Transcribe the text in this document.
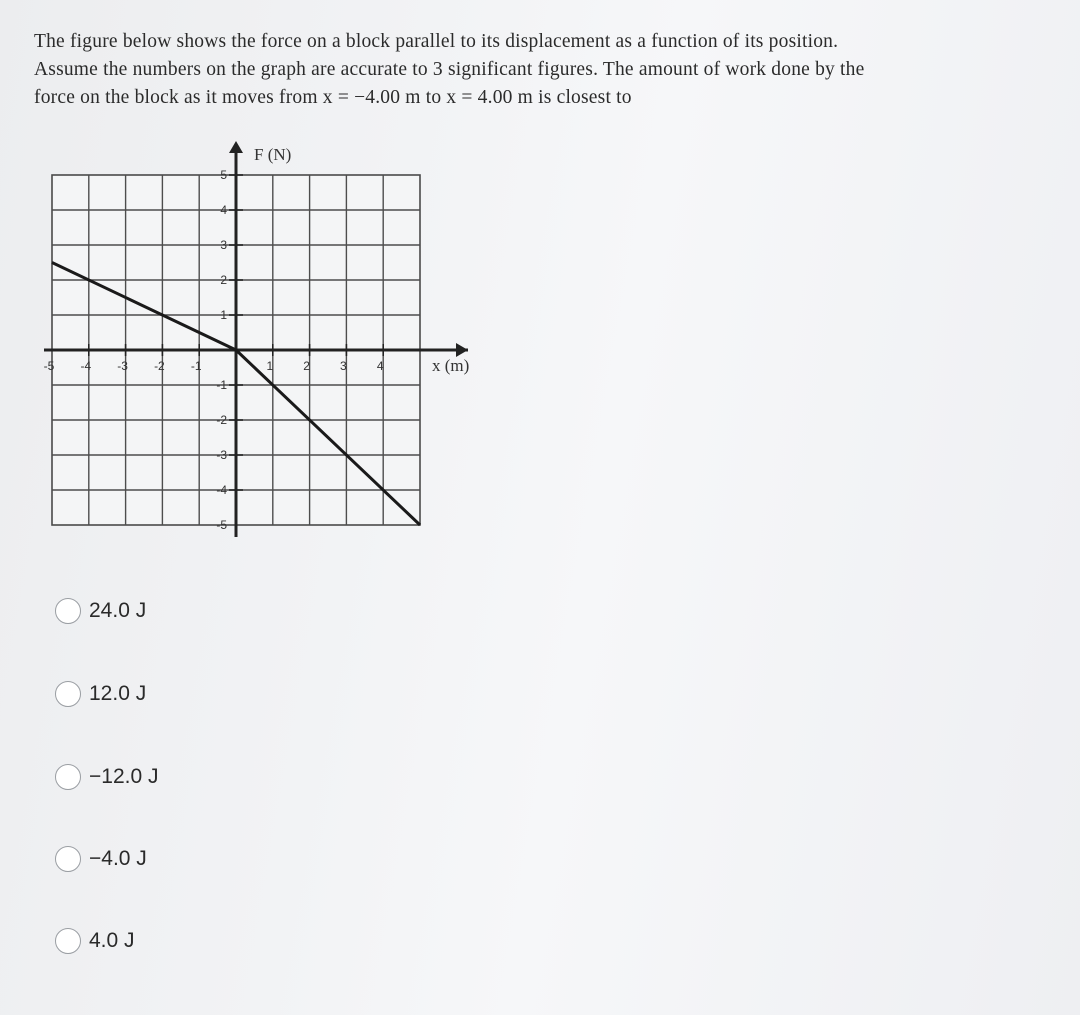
The figure below shows the force on a block parallel to its displacement as a function of its position.
Assume the numbers on the graph are accurate to 3 significant figures. The amount of work done by the
force on the block as it moves from x = −4.00 m to x = 4.00 m is closest to
-5 -4 -3 -2 -1	1	2	3	4
5
4
3
2
1
-1
-2
-3
-4
-5
F (N)
x (m)
24.0 J
12.0 J
−12.0 J
−4.0 J
4.0 J
